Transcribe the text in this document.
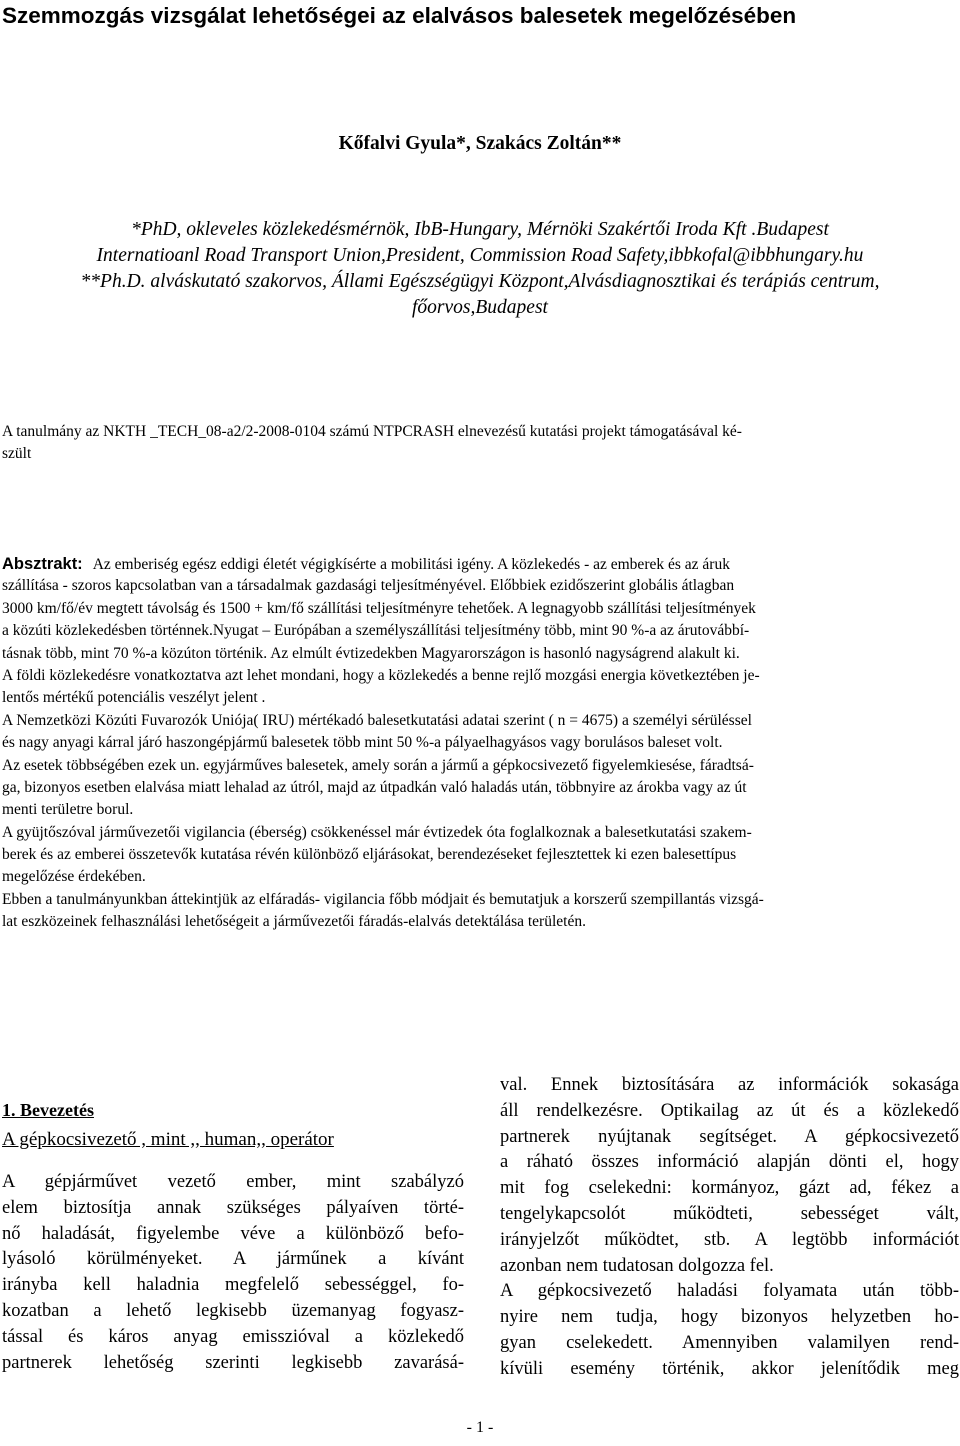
Szemmozgás vizsgálat lehetőségei az elalvásos balesetek megelőzésében
Kőfalvi Gyula*, Szakács Zoltán**
*PhD, okleveles közlekedésmérnök, IbB-Hungary, Mérnöki Szakértői Iroda Kft .Budapest
Internatioanl Road Transport Union,President, Commission Road Safety,ibbkofal@ibbhungary.hu
**Ph.D. alváskutató szakorvos, Állami Egészségügyi Központ,Alvásdiagnosztikai és terápiás centrum,
főorvos,Budapest
A tanulmány az NKTH _TECH_08-a2/2-2008-0104 számú NTPCRASH elnevezésű kutatási projekt támogatásával ké-
szült
Absztrakt: Az emberiség egész eddigi életét végigkísérte a mobilitási igény. A közlekedés - az emberek és az áruk
szállítása - szoros kapcsolatban van a társadalmak gazdasági teljesítményével. Előbbiek ezidőszerint globális átlagban
3000 km/fő/év megtett távolság és 1500 + km/fő szállítási teljesítményre tehetőek. A legnagyobb szállítási teljesítmények
a közúti közlekedésben történnek.Nyugat – Európában a személyszállítási teljesítmény több, mint 90 %-a az árutovábbí-
tásnak több, mint 70 %-a közúton történik. Az elmúlt évtizedekben Magyarországon is hasonló nagyságrend alakult ki.
A földi közlekedésre vonatkoztatva azt lehet mondani, hogy a közlekedés a benne rejlő mozgási energia következtében je-
lentős mértékű potenciális veszélyt jelent .
A Nemzetközi Közúti Fuvarozók Uniója( IRU) mértékadó balesetkutatási adatai szerint ( n = 4675) a személyi sérüléssel
és nagy anyagi kárral járó haszongépjármű balesetek több mint 50 %-a pályaelhagyásos vagy borulásos baleset volt.
Az esetek többségében ezek un. egyjárműves balesetek, amely során a jármű a gépkocsivezető figyelemkiesése, fáradtsá-
ga, bizonyos esetben elalvása miatt lehalad az útról, majd az útpadkán való haladás után, többnyire az árokba vagy az út
menti területre borul.
A gyüjtőszóval járművezetői vigilancia (éberség) csökkenéssel már évtizedek óta foglalkoznak a balesetkutatási szakem-
berek és az emberei összetevők kutatása révén különböző eljárásokat, berendezéseket fejlesztettek ki ezen balesettípus
megelőzése érdekében.
Ebben a tanulmányunkban áttekintjük az elfáradás- vigilancia főbb módjait és bemutatjuk a korszerű szempillantás vizsgá-
lat eszközeinek felhasználási lehetőségeit a járművezetői fáradás-elalvás detektálása területén.
1. Bevezetés
A gépkocsivezető , mint ,, human,, operátor
A gépjárművet vezető ember, mint szabályzó
elem biztosítja annak szükséges pályaíven törté-
nő haladását, figyelembe véve a különböző befo-
lyásoló körülményeket. A járműnek a kívánt
irányba kell haladnia megfelelő sebességgel, fo-
kozatban a lehető legkisebb üzemanyag fogyasz-
tással és káros anyag emisszióval a közlekedő
partnerek lehetőség szerinti legkisebb zavarásá-
val. Ennek biztosítására az információk sokasága
áll rendelkezésre. Optikailag az út és a közlekedő
partnerek nyújtanak segítséget. A gépkocsivezető
a ráható összes információ alapján dönti el, hogy
mit fog cselekedni: kormányoz, gázt ad, fékez a
tengelykapcsolót működteti, sebességet vált,
irányjelzőt működtet, stb. A legtöbb információt
azonban nem tudatosan dolgozza fel.
A gépkocsivezető haladási folyamata után több-
nyire nem tudja, hogy bizonyos helyzetben ho-
gyan cselekedett. Amennyiben valamilyen rend-
kívüli esemény történik, akkor jelenítődik meg
- 1 -
